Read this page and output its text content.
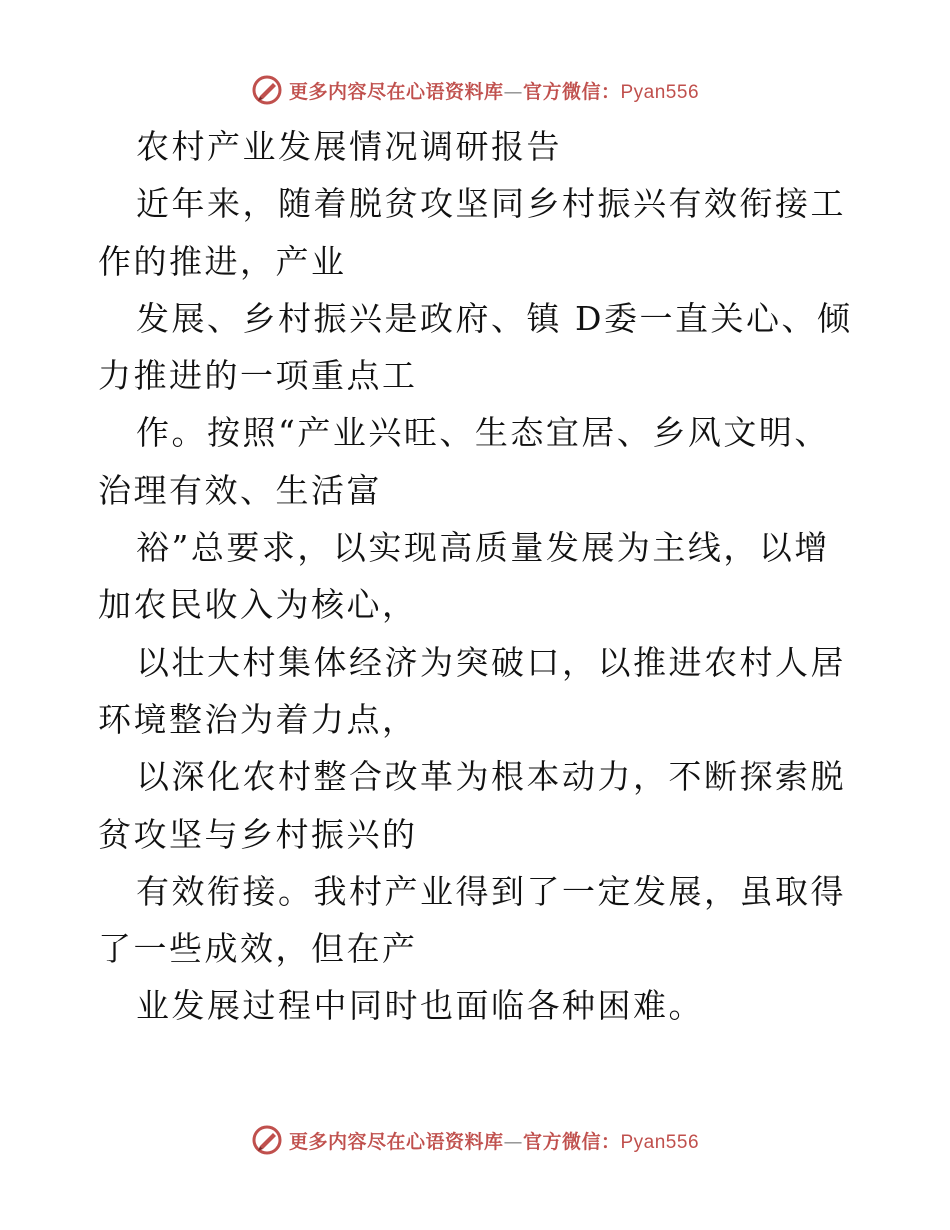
更多内容尽在心语资料库—官方微信：Pyan556

农村产业发展情况调研报告

近年来，随着脱贫攻坚同乡村振兴有效衔接工作的推进，产业

发展、乡村振兴是政府、镇 D委一直关心、倾力推进的一项重点工

作。按照“产业兴旺、生态宜居、乡风文明、治理有效、生活富

裕”总要求，以实现高质量发展为主线，以增加农民收入为核心，

以壮大村集体经济为突破口，以推进农村人居环境整治为着力点，

以深化农村整合改革为根本动力，不断探索脱贫攻坚与乡村振兴的

有效衔接。我村产业得到了一定发展，虽取得了一些成效，但在产

业发展过程中同时也面临各种困难。

更多内容尽在心语资料库—官方微信：Pyan556
